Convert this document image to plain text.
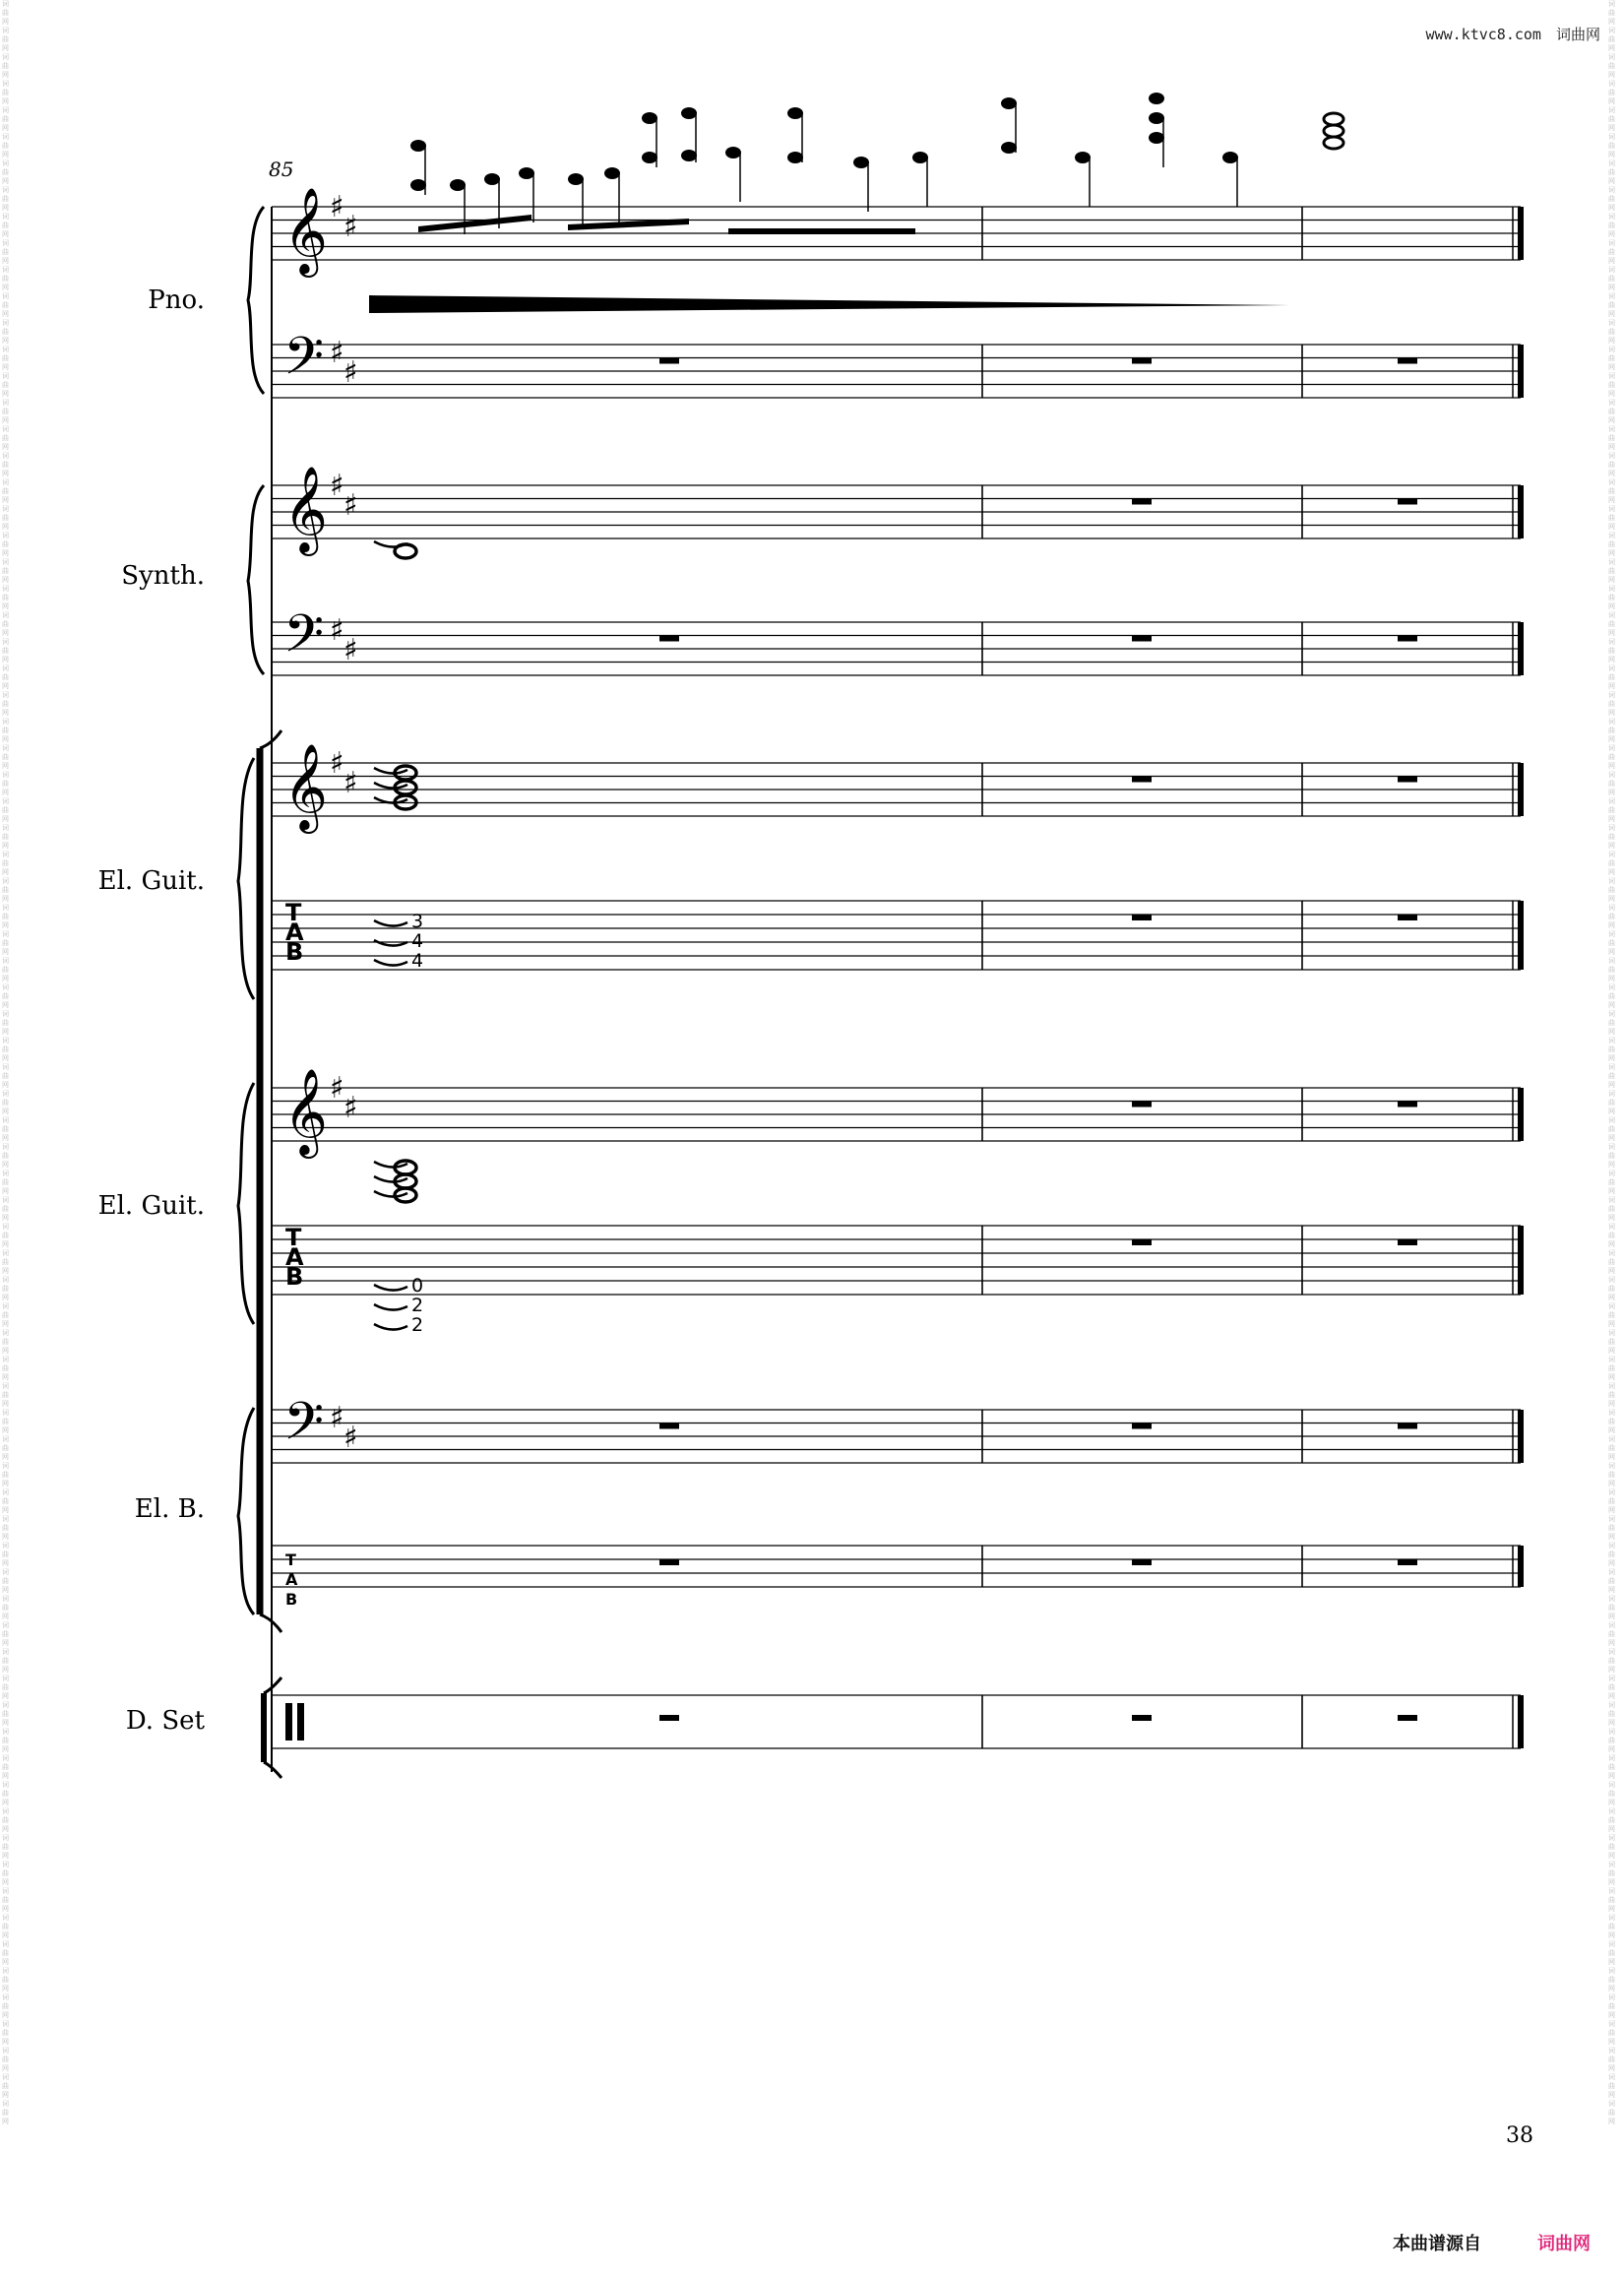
www.ktvc8.com 词曲网
词
曲
网
词
曲
网
词
曲
网
词
曲
网
词
曲
网
词
曲
网
词
曲
网
词
曲
网
词
曲
网
词
曲
网
词
曲
网
词
曲
网
词
曲
网
词
曲
网
词
曲
网
词
曲
网
词
曲
网
词
曲
网
词
曲
网
词
曲
网
词
曲
网
词
曲
网
词
曲
网
词
曲
网
词
曲
网
词
曲
网
词
曲
网
词
曲
网
词
曲
网
词
曲
网
词
曲
网
词
曲
网
词
曲
网
词
曲
网
词
曲
网
词
曲
网
词
曲
网
词
曲
网
词
曲
网
词
曲
网
词
曲
网
词
曲
网
词
曲
网
词
曲
网
词
曲
网
词
曲
网
词
曲
网
词
曲
网
词
曲
网
词
曲
网
词
曲
网
词
曲
网
词
曲
网
词
曲
网
词
曲
网
词
曲
网
词
曲
网
词
曲
网
词
曲
网
词
曲
网
词
曲
网
词
曲
网
词
曲
网
词
曲
网
词
曲
网
词
曲
网
词
曲
网
词
曲
网
词
曲
网
词
曲
网
词
曲
网
词
曲
网
词
曲
网
词
曲
网
词
曲
网
词
曲
网
词
曲
网
词
曲
网
词
曲
网
词
曲
网

词
曲
网
词
曲
网
词
曲
网
词
曲
网
词
曲
网
词
曲
网
词
曲
网
词
曲
网
词
曲
网
词
曲
网
词
曲
网
词
曲
网
词
曲
网
词
曲
网
词
曲
网
词
曲
网
词
曲
网
词
曲
网
词
曲
网
词
曲
网
词
曲
网
词
曲
网
词
曲
网
词
曲
网
词
曲
网
词
曲
网
词
曲
网
词
曲
网
词
曲
网
词
曲
网
词
曲
网
词
曲
网
词
曲
网
词
曲
网
词
曲
网
词
曲
网
词
曲
网
词
曲
网
词
曲
网
词
曲
网
词
曲
网
词
曲
网
词
曲
网
词
曲
网
词
曲
网
词
曲
网
词
曲
网
词
曲
网
词
曲
网
词
曲
网
词
曲
网
词
曲
网
词
曲
网
词
曲
网
词
曲
网
词
曲
网
词
曲
网
词
曲
网
词
曲
网
词
曲
网
词
曲
网
词
曲
网
词
曲
网
词
曲
网
词
曲
网
词
曲
网
词
曲
网
词
曲
网
词
曲
网
词
曲
网
词
曲
网
词
曲
网
词
曲
网
词
曲
网
词
曲
网
词
曲
网
词
曲
网
词
曲
网
词
曲
网
词
曲
网

85
Pno.
Synth.
El. Guit.
El. Guit.
El. B.
D. Set
𝄞 ♯
♯
𝄢 ♯
♯
𝄞 ♯
♯
𝄢 ♯
♯
𝄞 ♯
♯
T
A
B
𝄞 ♯
♯
T
A
B
𝄢 ♯
♯
T
A
B
3
4
4
0
2
2
38
本曲谱源自	词曲网
